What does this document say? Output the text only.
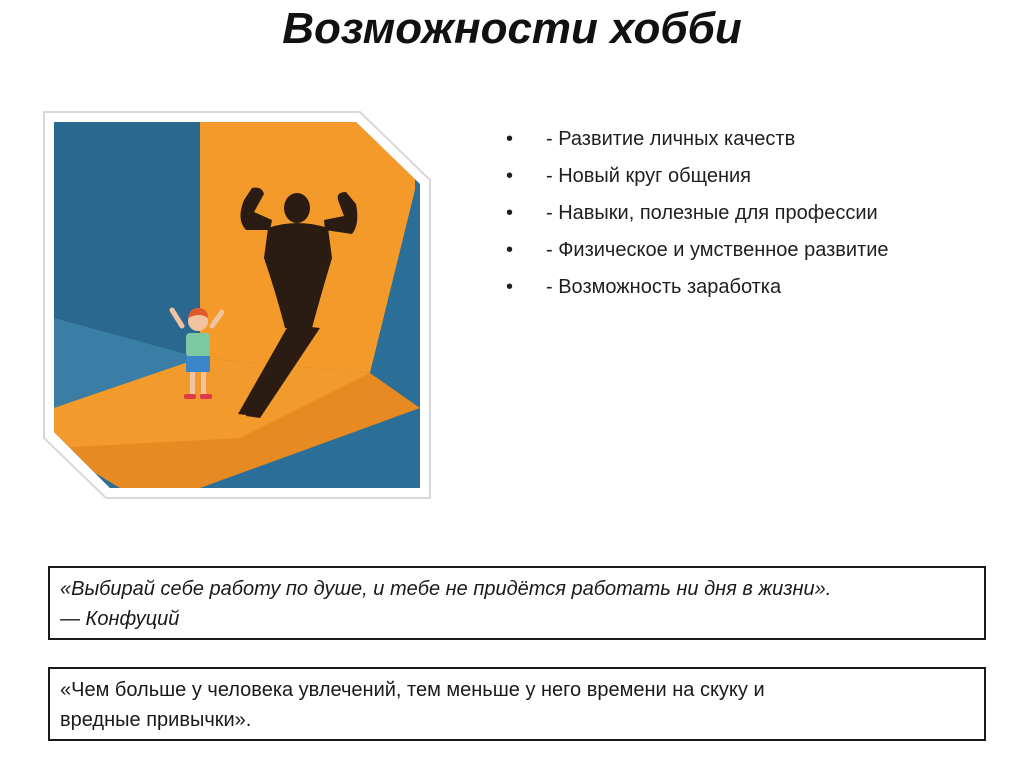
Возможности хобби
• - Развитие личных качеств
• - Новый круг общения
• - Навыки, полезные для профессии
• - Физическое и умственное развитие
• - Возможность заработка
«Выбирай себе работу по душе, и тебе не придётся работать ни дня в жизни».
— Конфуций
«Чем больше у человека увлечений, тем меньше у него времени на скуку и
вредные привычки».
